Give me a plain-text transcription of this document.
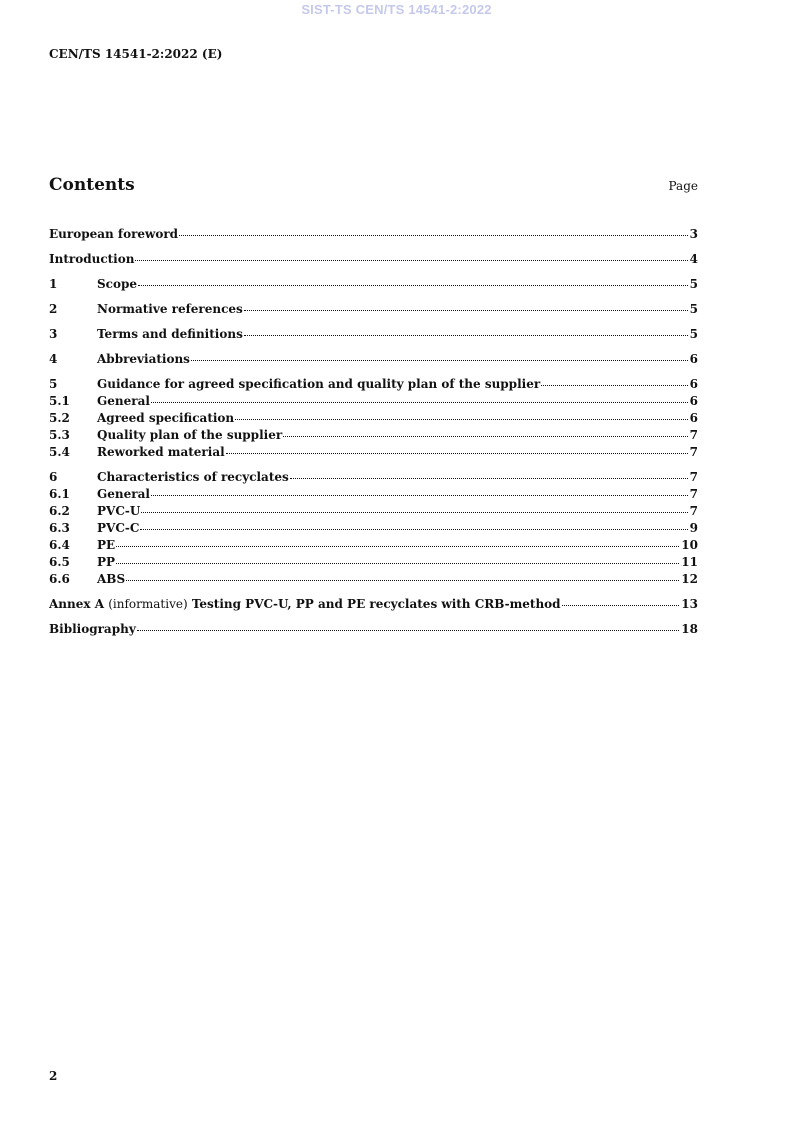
SIST-TS CEN/TS 14541-2:2022
CEN/TS 14541-2:2022 (E)
Contents	Page
European foreword	3
Introduction	4
1	Scope	5
2	Normative references	5
3	Terms and definitions	5
4	Abbreviations	6
5	Guidance for agreed specification and quality plan of the supplier	6
5.1	General	6
5.2	Agreed specification	6
5.3	Quality plan of the supplier	7
5.4	Reworked material	7
6	Characteristics of recyclates	7
6.1	General	7
6.2	PVC-U	7
6.3	PVC-C	9
6.4	PE	10
6.5	PP	11
6.6	ABS	12
Annex A (informative) Testing PVC-U, PP and PE recyclates with CRB-method	13
Bibliography	18
2
